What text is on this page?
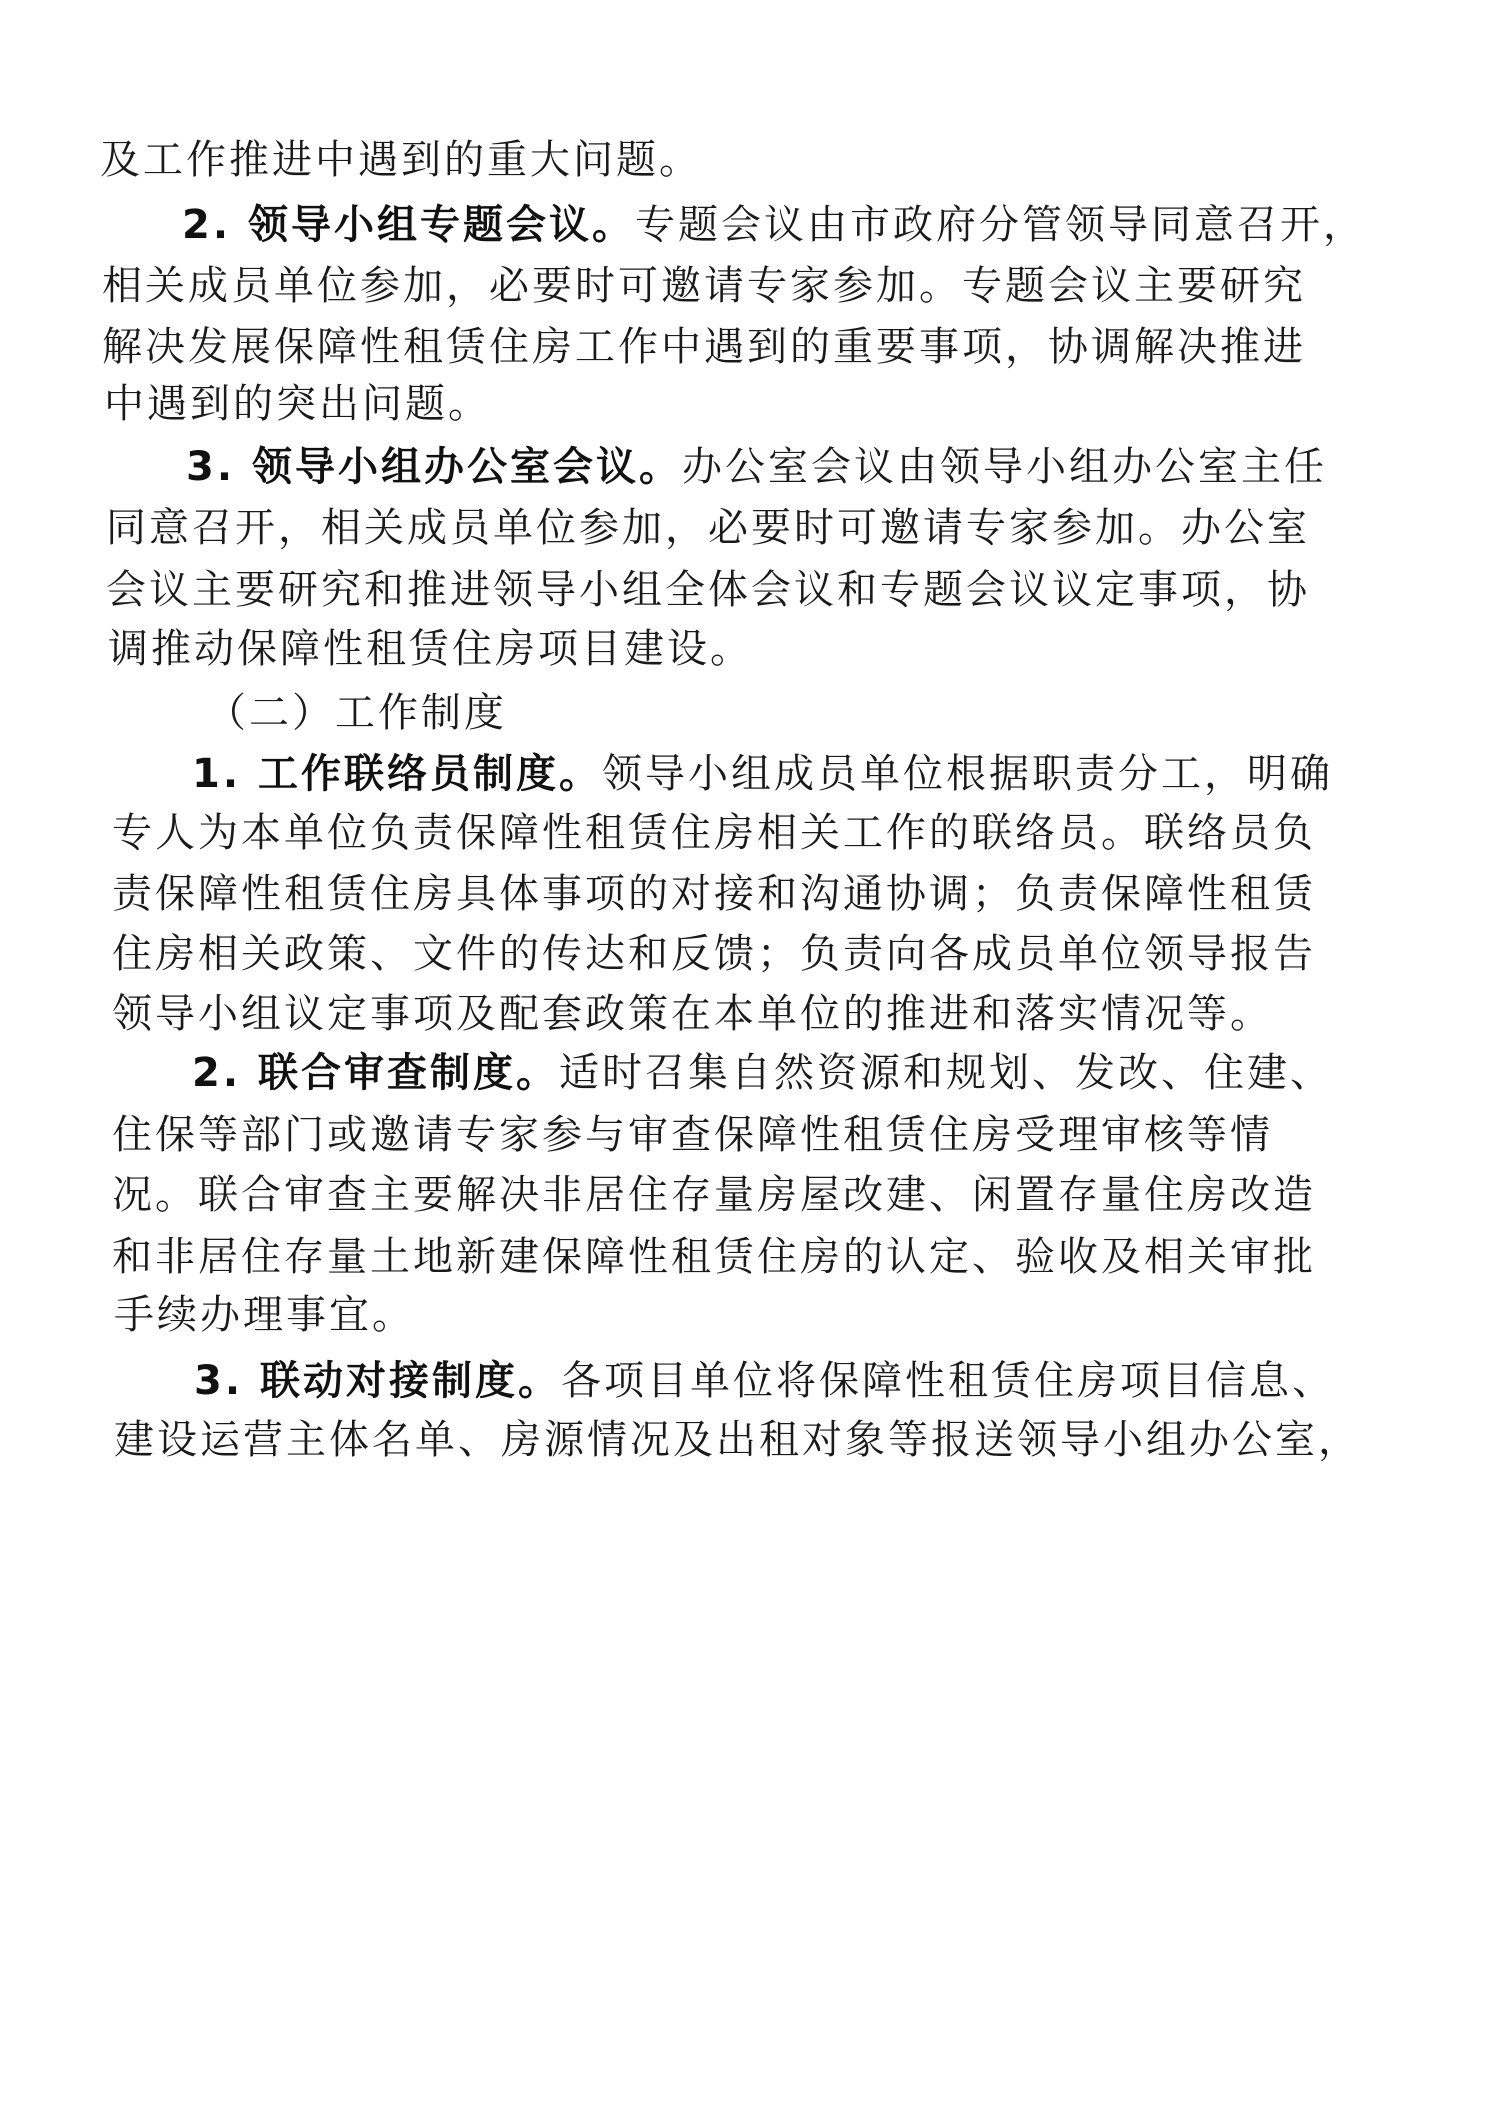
及工作推进中遇到的重大问题。
2. 领导小组专题会议。专题会议由市政府分管领导同意召开，
相关成员单位参加，必要时可邀请专家参加。专题会议主要研究
解决发展保障性租赁住房工作中遇到的重要事项，协调解决推进
中遇到的突出问题。
3. 领导小组办公室会议。办公室会议由领导小组办公室主任
同意召开，相关成员单位参加，必要时可邀请专家参加。办公室
会议主要研究和推进领导小组全体会议和专题会议议定事项，协
调推动保障性租赁住房项目建设。
（二）工作制度
1. 工作联络员制度。领导小组成员单位根据职责分工，明确
专人为本单位负责保障性租赁住房相关工作的联络员。联络员负
责保障性租赁住房具体事项的对接和沟通协调；负责保障性租赁
住房相关政策、文件的传达和反馈；负责向各成员单位领导报告
领导小组议定事项及配套政策在本单位的推进和落实情况等。
2. 联合审查制度。适时召集自然资源和规划、发改、住建、
住保等部门或邀请专家参与审查保障性租赁住房受理审核等情
况。联合审查主要解决非居住存量房屋改建、闲置存量住房改造
和非居住存量土地新建保障性租赁住房的认定、验收及相关审批
手续办理事宜。
3. 联动对接制度。各项目单位将保障性租赁住房项目信息、
建设运营主体名单、房源情况及出租对象等报送领导小组办公室，
